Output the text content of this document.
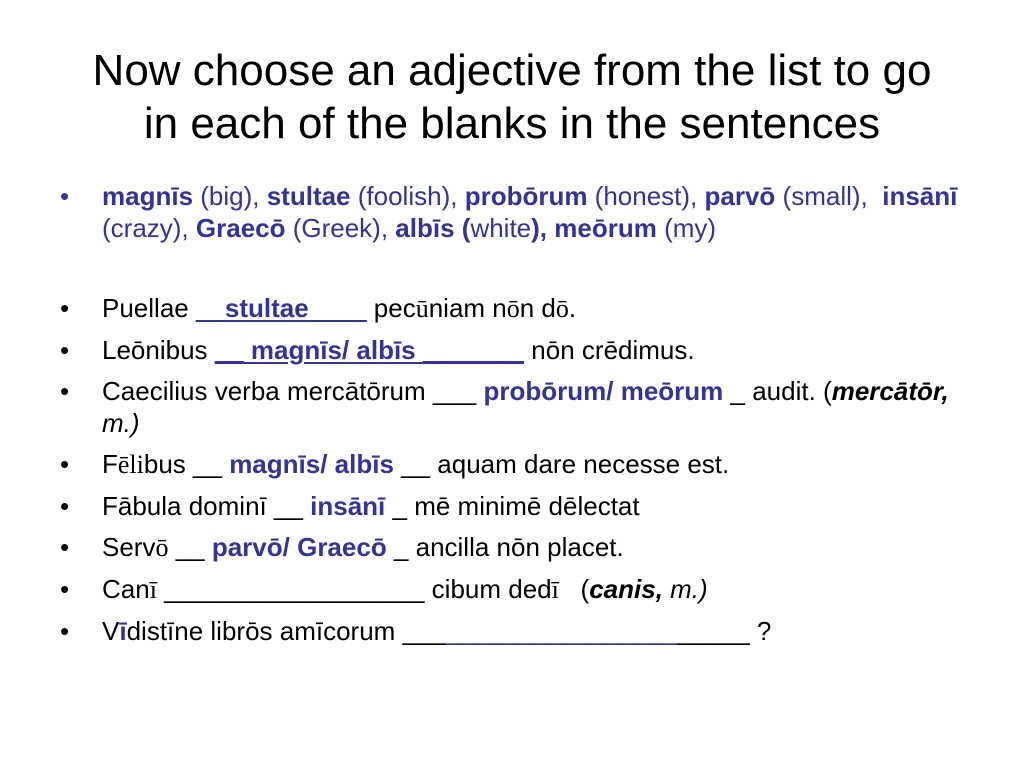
Now choose an adjective from the list to go
in each of the blanks in the sentences
• magnīs (big), stultae (foolish), probōrum (honest), parvō (small),  insānī (crazy), Graecō (Greek), albīs (white), meōrum (my)
• Puellae __stultae____ pecūniam nōn dō.
• Leōnibus __ magnīs/ albīs _______ nōn crēdimus.
• Caecilius verba mercātōrum ___ probōrum/ meōrum _ audit. (mercātōr, m.)
• Fēlibus __ magnīs/ albīs __ aquam dare necesse est.
• Fābula dominī __ insānī _ mē minimē dēlectat
• Servō __ parvō/ Graecō _ ancilla nōn placet.
• Canī __________________ cibum dedī   (canis, m.)
• Vīdistīne librōs amīcorum ________________________ ?
